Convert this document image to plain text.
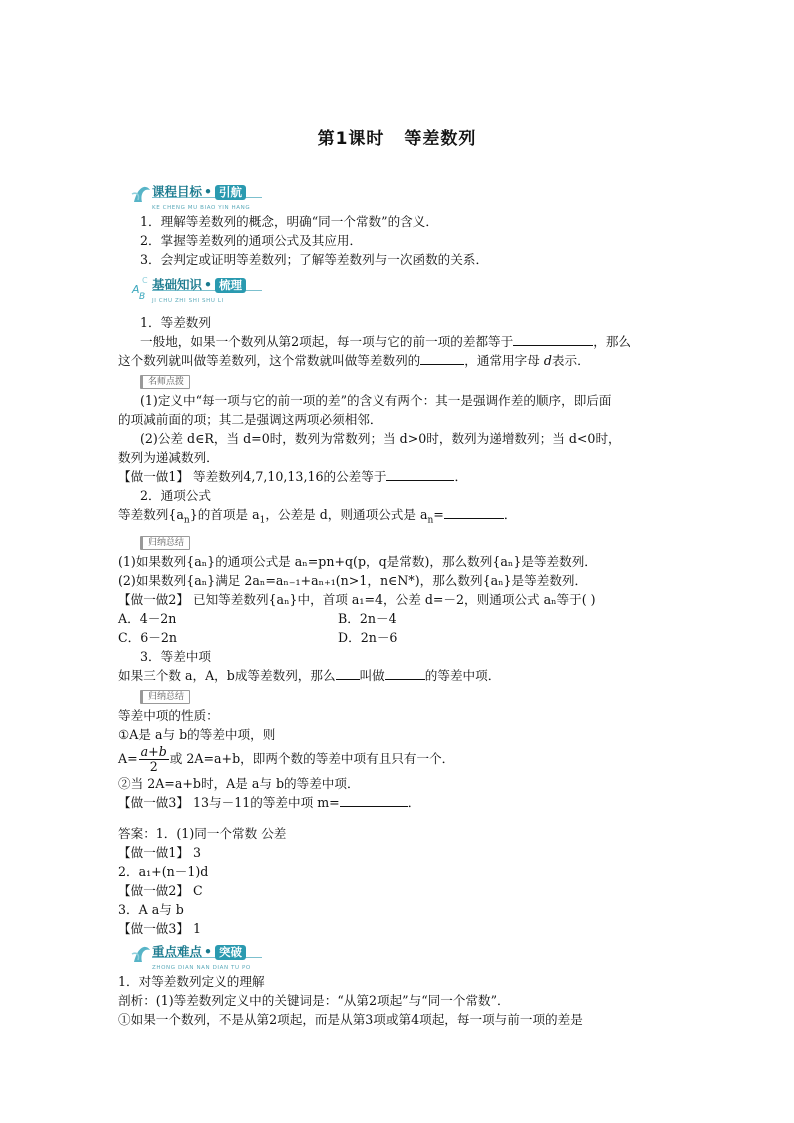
第1课时 等差数列
课程目标 • 引航
KE CHENG MU BIAO YIN HANG

1．理解等差数列的概念，明确“同一个常数”的含义．

2．掌握等差数列的通项公式及其应用．

3．会判定或证明等差数列；了解等差数列与一次函数的关系．

A
B
C 基础知识 • 梳理
JI CHU ZHI SHI SHU LI

1．等差数列

一般地，如果一个数列从第2项起，每一项与它的前一项的差都等于	，那么

这个数列就叫做等差数列，这个常数就叫做等差数列的	，通常用字母 d表示．

名师点拨

(1)定义中“每一项与它的前一项的差”的含义有两个：其一是强调作差的顺序，即后面

的项减前面的项；其二是强调这两项必须相邻．

(2)公差 d∈R，当 d=0时，数列为常数列；当 d>0时，数列为递增数列；当 d<0时，

数列为递减数列．

【做一做1】 等差数列4,7,10,13,16的公差等于	．

2．通项公式

等差数列$\{a_n\}$的首项是 $a_1$，公差是 d，则通项公式是 $a_n=$	．

归纳总结

(1)如果数列{aₙ}的通项公式是 aₙ=pn+q(p，q是常数)，那么数列{aₙ}是等差数列．

(2)如果数列{aₙ}满足 2aₙ=aₙ₋₁+aₙ₊₁(n>1，n∈N*)，那么数列{aₙ}是等差数列．

【做一做2】 已知等差数列{aₙ}中，首项 a₁=4，公差 d=－2，则通项公式 aₙ等于( )

A．4－2n	B．2n－4

C．6－2n	D．2n－6

3．等差中项

如果三个数 a，A，b成等差数列，那么 叫做	的等差中项．

归纳总结

等差中项的性质：

①A是 a与 b的等差中项，则

$A= \frac{a+b}{2}$ 或 2A=a+b，即两个数的等差中项有且只有一个．

②当 2A=a+b时，A是 a与 b的等差中项．

【做一做3】 13与－11的等差中项 m=	．

答案：1．(1)同一个常数 公差

【做一做1】 3

2．a₁+(n－1)d

【做一做2】 C

3．A a与 b

【做一做3】 1

重点难点 • 突破
ZHONG DIAN NAN DIAN TU PO

1．对等差数列定义的理解

剖析：(1)等差数列定义中的关键词是：“从第2项起”与“同一个常数”．

①如果一个数列，不是从第2项起，而是从第3项或第4项起，每一项与前一项的差是
